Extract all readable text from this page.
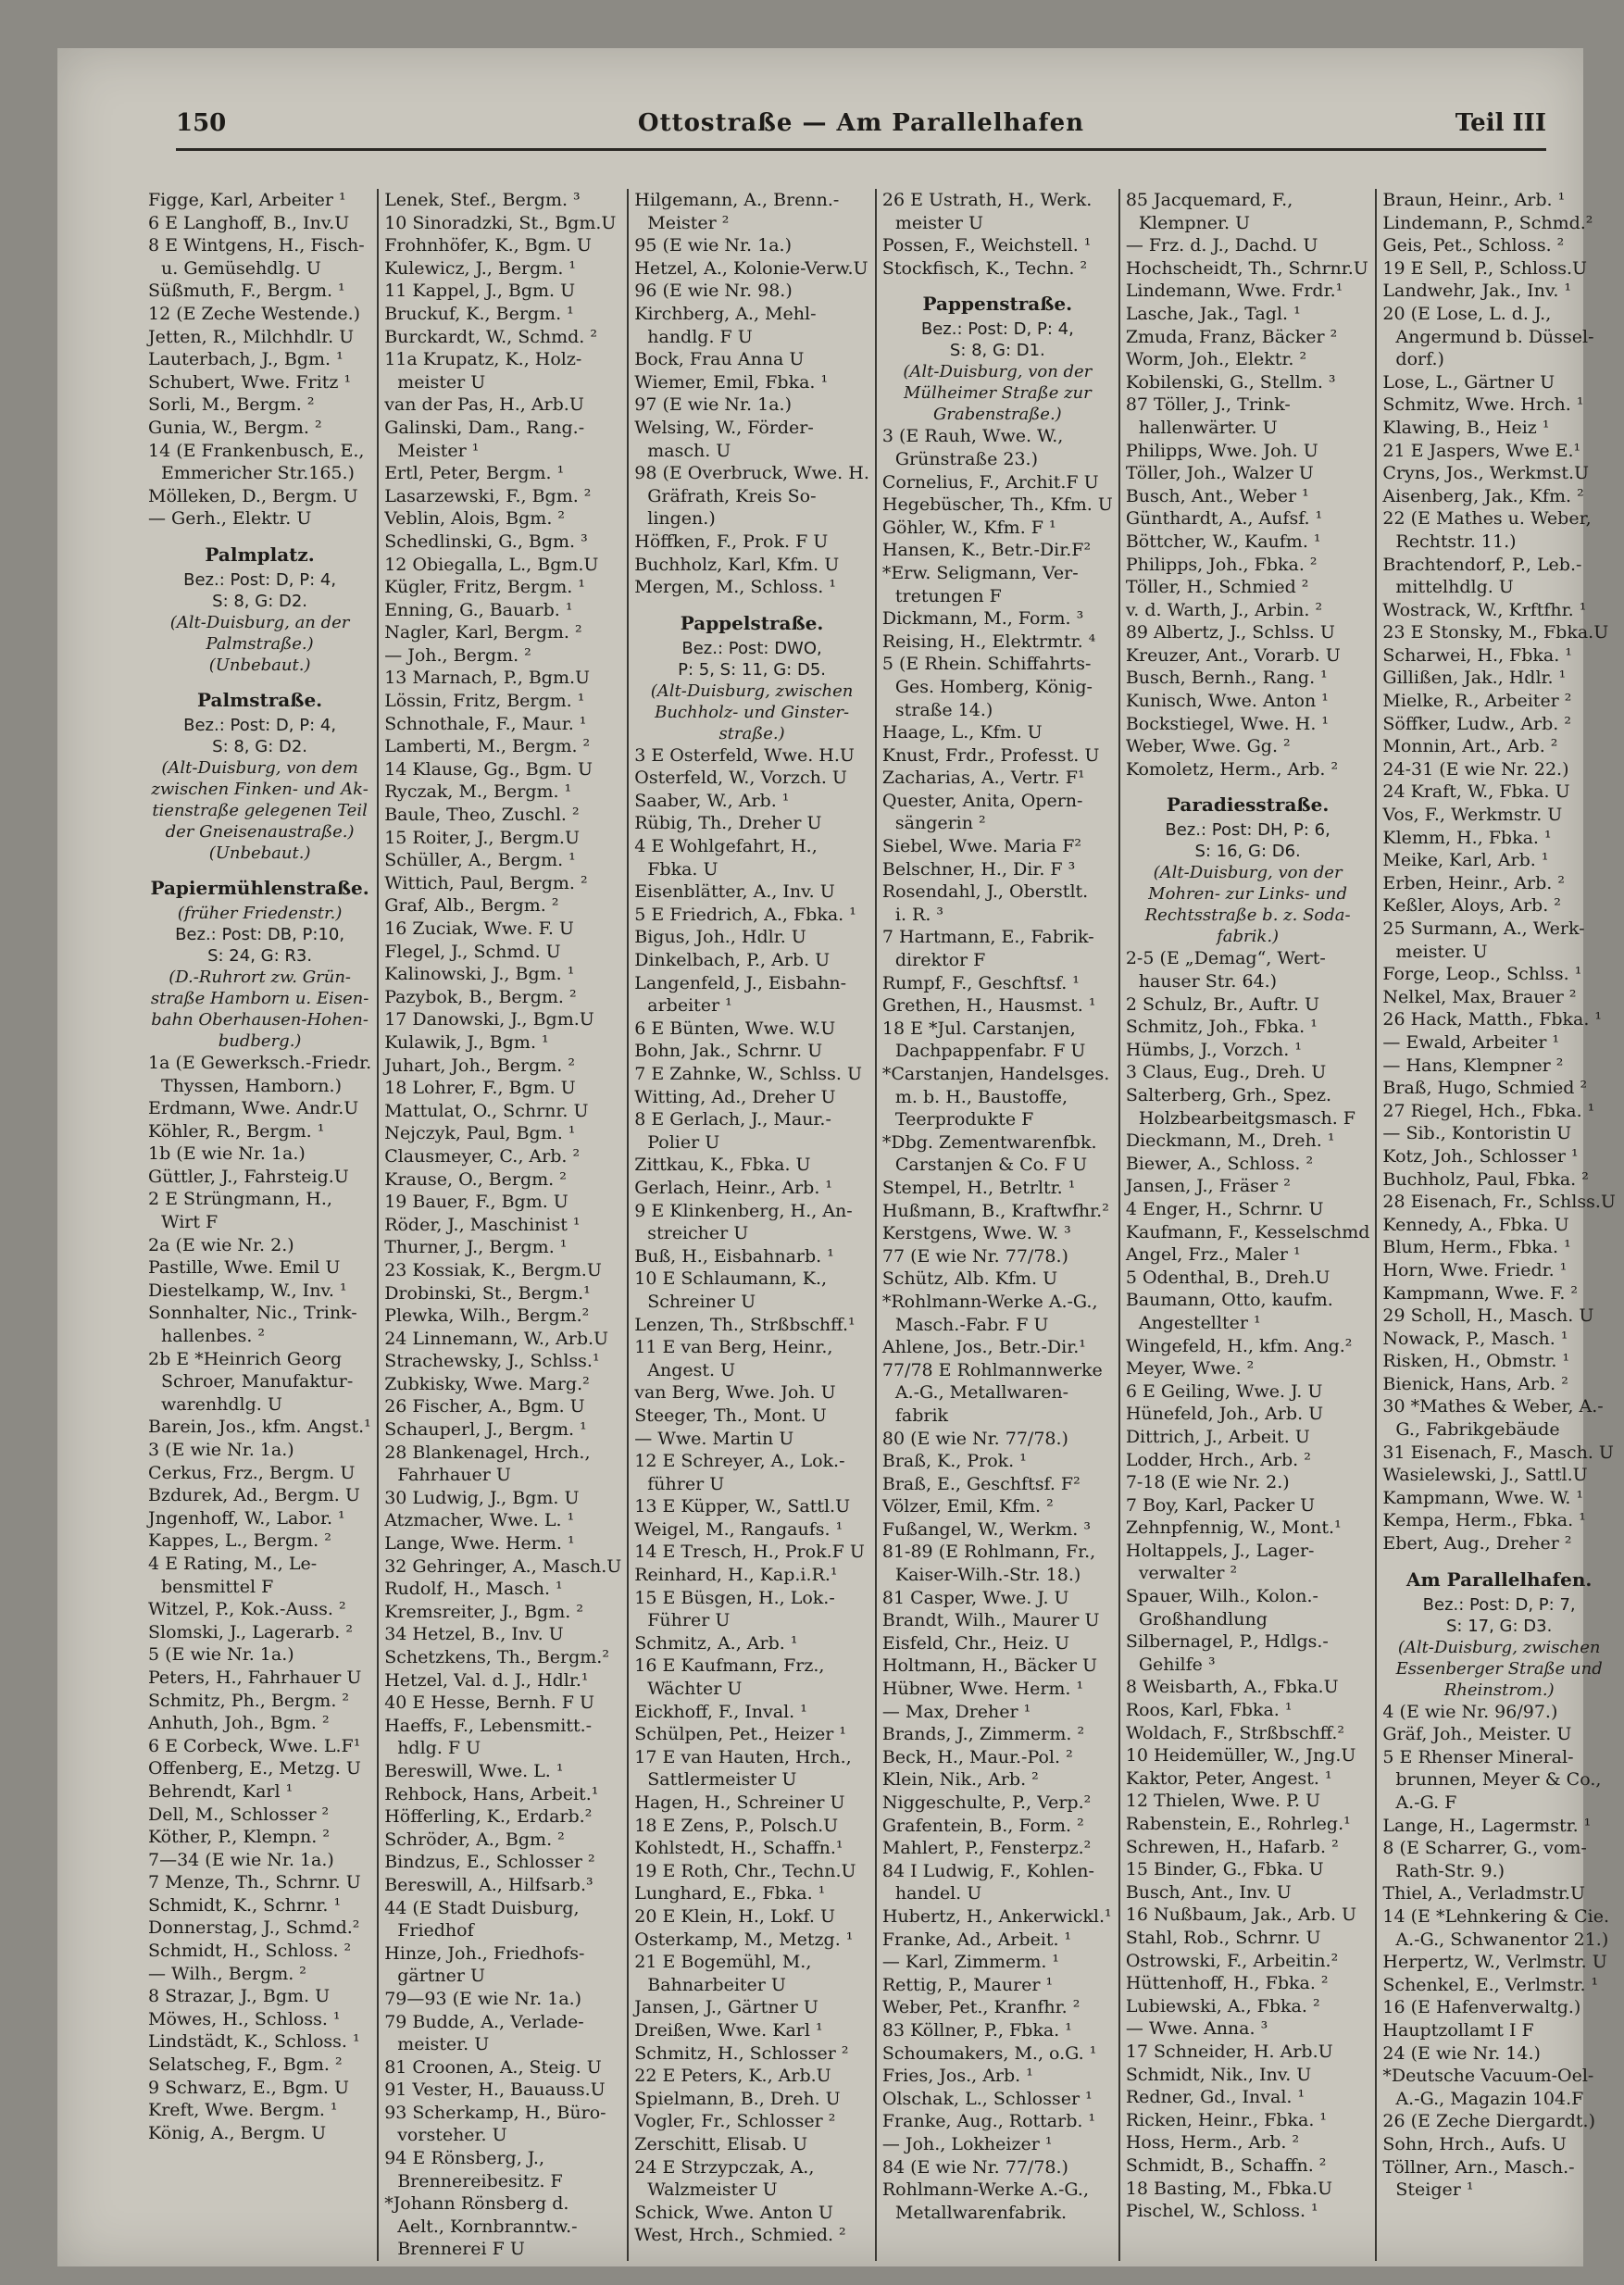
150	Ottostraße — Am Parallelhafen	Teil III
Figge, Karl, Arbeiter ¹
6 E Langhoff, B., Inv.U
8 E Wintgens, H., Fisch-
u. Gemüsehdlg. U
Süßmuth, F., Bergm. ¹
12 (E Zeche Westende.)
Jetten, R., Milchhdlr. U
Lauterbach, J., Bgm. ¹
Schubert, Wwe. Fritz ¹
Sorli, M., Bergm. ²
Gunia, W., Bergm. ²
14 (E Frankenbusch, E.,
Emmericher Str.165.)
Mölleken, D., Bergm. U
— Gerh., Elektr. U
Palmplatz.
Bez.: Post: D, P: 4,
S: 8, G: D2.
(Alt-Duisburg, an der
Palmstraße.)
(Unbebaut.)
Palmstraße.
Bez.: Post: D, P: 4,
S: 8, G: D2.
(Alt-Duisburg, von dem
zwischen Finken- und Ak-
tienstraße gelegenen Teil
der Gneisenaustraße.)
(Unbebaut.)
Papiermühlenstraße.
(früher Friedenstr.)
Bez.: Post: DB, P:10,
S: 24, G: R3.
(D.-Ruhrort zw. Grün-
straße Hamborn u. Eisen-
bahn Oberhausen-Hohen-
budberg.)
1a (E Gewerksch.-Friedr.
Thyssen, Hamborn.)
Erdmann, Wwe. Andr.U
Köhler, R., Bergm. ¹
1b (E wie Nr. 1a.)
Güttler, J., Fahrsteig.U
2 E Strüngmann, H.,
Wirt F
2a (E wie Nr. 2.)
Pastille, Wwe. Emil U
Diestelkamp, W., Inv. ¹
Sonnhalter, Nic., Trink-
hallenbes. ²
2b E *Heinrich Georg
Schroer, Manufaktur-
warenhdlg. U
Barein, Jos., kfm. Angst.¹
3 (E wie Nr. 1a.)
Cerkus, Frz., Bergm. U
Bzdurek, Ad., Bergm. U
Jngenhoff, W., Labor. ¹
Kappes, L., Bergm. ²
4 E Rating, M., Le-
bensmittel F
Witzel, P., Kok.-Auss. ²
Slomski, J., Lagerarb. ²
5 (E wie Nr. 1a.)
Peters, H., Fahrhauer U
Schmitz, Ph., Bergm. ²
Anhuth, Joh., Bgm. ²
6 E Corbeck, Wwe. L.F¹
Offenberg, E., Metzg. U
Behrendt, Karl ¹
Dell, M., Schlosser ²
Köther, P., Klempn. ²
7—34 (E wie Nr. 1a.)
7 Menze, Th., Schrnr. U
Schmidt, K., Schrnr. ¹
Donnerstag, J., Schmd.²
Schmidt, H., Schloss. ²
— Wilh., Bergm. ²
8 Strazar, J., Bgm. U
Möwes, H., Schloss. ¹
Lindstädt, K., Schloss. ¹
Selatscheg, F., Bgm. ²
9 Schwarz, E., Bgm. U
Kreft, Wwe. Bergm. ¹
König, A., Bergm. U
Lenek, Stef., Bergm. ³
10 Sinoradzki, St., Bgm.U
Frohnhöfer, K., Bgm. U
Kulewicz, J., Bergm. ¹
11 Kappel, J., Bgm. U
Bruckuf, K., Bergm. ¹
Burckardt, W., Schmd. ²
11a Krupatz, K., Holz-
meister U
van der Pas, H., Arb.U
Galinski, Dam., Rang.-
Meister ¹
Ertl, Peter, Bergm. ¹
Lasarzewski, F., Bgm. ²
Veblin, Alois, Bgm. ²
Schedlinski, G., Bgm. ³
12 Obiegalla, L., Bgm.U
Kügler, Fritz, Bergm. ¹
Enning, G., Bauarb. ¹
Nagler, Karl, Bergm. ²
— Joh., Bergm. ²
13 Marnach, P., Bgm.U
Lössin, Fritz, Bergm. ¹
Schnothale, F., Maur. ¹
Lamberti, M., Bergm. ²
14 Klause, Gg., Bgm. U
Ryczak, M., Bergm. ¹
Baule, Theo, Zuschl. ²
15 Roiter, J., Bergm.U
Schüller, A., Bergm. ¹
Wittich, Paul, Bergm. ²
Graf, Alb., Bergm. ²
16 Zuciak, Wwe. F. U
Flegel, J., Schmd. U
Kalinowski, J., Bgm. ¹
Pazybok, B., Bergm. ²
17 Danowski, J., Bgm.U
Kulawik, J., Bgm. ¹
Juhart, Joh., Bergm. ²
18 Lohrer, F., Bgm. U
Mattulat, O., Schrnr. U
Nejczyk, Paul, Bgm. ¹
Clausmeyer, C., Arb. ²
Krause, O., Bergm. ²
19 Bauer, F., Bgm. U
Röder, J., Maschinist ¹
Thurner, J., Bergm. ¹
23 Kossiak, K., Bergm.U
Drobinski, St., Bergm.¹
Plewka, Wilh., Bergm.²
24 Linnemann, W., Arb.U
Strachewsky, J., Schlss.¹
Zubkisky, Wwe. Marg.²
26 Fischer, A., Bgm. U
Schauperl, J., Bergm. ¹
28 Blankenagel, Hrch.,
Fahrhauer U
30 Ludwig, J., Bgm. U
Atzmacher, Wwe. L. ¹
Lange, Wwe. Herm. ¹
32 Gehringer, A., Masch.U
Rudolf, H., Masch. ¹
Kremsreiter, J., Bgm. ²
34 Hetzel, B., Inv. U
Schetzkens, Th., Bergm.²
Hetzel, Val. d. J., Hdlr.¹
40 E Hesse, Bernh. F U
Haeffs, F., Lebensmitt.-
hdlg. F U
Bereswill, Wwe. L. ¹
Rehbock, Hans, Arbeit.¹
Höfferling, K., Erdarb.²
Schröder, A., Bgm. ²
Bindzus, E., Schlosser ²
Bereswill, A., Hilfsarb.³
44 (E Stadt Duisburg,
Friedhof
Hinze, Joh., Friedhofs-
gärtner U
79—93 (E wie Nr. 1a.)
79 Budde, A., Verlade-
meister. U
81 Croonen, A., Steig. U
91 Vester, H., Bauauss.U
93 Scherkamp, H., Büro-
vorsteher. U
94 E Rönsberg, J.,
Brennereibesitz. F
*Johann Rönsberg d.
Aelt., Kornbranntw.-
Brennerei F U
Hilgemann, A., Brenn.-
Meister ²
95 (E wie Nr. 1a.)
Hetzel, A., Kolonie-Verw.U
96 (E wie Nr. 98.)
Kirchberg, A., Mehl-
handlg. F U
Bock, Frau Anna U
Wiemer, Emil, Fbka. ¹
97 (E wie Nr. 1a.)
Welsing, W., Förder-
masch. U
98 (E Overbruck, Wwe. H.
Gräfrath, Kreis So-
lingen.)
Höffken, F., Prok. F U
Buchholz, Karl, Kfm. U
Mergen, M., Schloss. ¹
Pappelstraße.
Bez.: Post: DWO,
P: 5, S: 11, G: D5.
(Alt-Duisburg, zwischen
Buchholz- und Ginster-
straße.)
3 E Osterfeld, Wwe. H.U
Osterfeld, W., Vorzch. U
Saaber, W., Arb. ¹
Rübig, Th., Dreher U
4 E Wohlgefahrt, H.,
Fbka. U
Eisenblätter, A., Inv. U
5 E Friedrich, A., Fbka. ¹
Bigus, Joh., Hdlr. U
Dinkelbach, P., Arb. U
Langenfeld, J., Eisbahn-
arbeiter ¹
6 E Bünten, Wwe. W.U
Bohn, Jak., Schrnr. U
7 E Zahnke, W., Schlss. U
Witting, Ad., Dreher U
8 E Gerlach, J., Maur.-
Polier U
Zittkau, K., Fbka. U
Gerlach, Heinr., Arb. ¹
9 E Klinkenberg, H., An-
streicher U
Buß, H., Eisbahnarb. ¹
10 E Schlaumann, K.,
Schreiner U
Lenzen, Th., Strßbschff.¹
11 E van Berg, Heinr.,
Angest. U
van Berg, Wwe. Joh. U
Steeger, Th., Mont. U
— Wwe. Martin U
12 E Schreyer, A., Lok.-
führer U
13 E Küpper, W., Sattl.U
Weigel, M., Rangaufs. ¹
14 E Tresch, H., Prok.F U
Reinhard, H., Kap.i.R.¹
15 E Büsgen, H., Lok.-
Führer U
Schmitz, A., Arb. ¹
16 E Kaufmann, Frz.,
Wächter U
Eickhoff, F., Inval. ¹
Schülpen, Pet., Heizer ¹
17 E van Hauten, Hrch.,
Sattlermeister U
Hagen, H., Schreiner U
18 E Zens, P., Polsch.U
Kohlstedt, H., Schaffn.¹
19 E Roth, Chr., Techn.U
Lunghard, E., Fbka. ¹
20 E Klein, H., Lokf. U
Osterkamp, M., Metzg. ¹
21 E Bogemühl, M.,
Bahnarbeiter U
Jansen, J., Gärtner U
Dreißen, Wwe. Karl ¹
Schmitz, H., Schlosser ²
22 E Peters, K., Arb.U
Spielmann, B., Dreh. U
Vogler, Fr., Schlosser ²
Zerschitt, Elisab. U
24 E Strzypczak, A.,
Walzmeister U
Schick, Wwe. Anton U
West, Hrch., Schmied. ²
26 E Ustrath, H., Werk.
meister U
Possen, F., Weichstell. ¹
Stockfisch, K., Techn. ²
Pappenstraße.
Bez.: Post: D, P: 4,
S: 8, G: D1.
(Alt-Duisburg, von der
Mülheimer Straße zur
Grabenstraße.)
3 (E Rauh, Wwe. W.,
Grünstraße 23.)
Cornelius, F., Archit.F U
Hegebüscher, Th., Kfm. U
Göhler, W., Kfm. F ¹
Hansen, K., Betr.-Dir.F²
*Erw. Seligmann, Ver-
tretungen F
Dickmann, M., Form. ³
Reising, H., Elektrmtr. ⁴
5 (E Rhein. Schiffahrts-
Ges. Homberg, König-
straße 14.)
Haage, L., Kfm. U
Knust, Frdr., Professt. U
Zacharias, A., Vertr. F¹
Quester, Anita, Opern-
sängerin ²
Siebel, Wwe. Maria F²
Belschner, H., Dir. F ³
Rosendahl, J., Oberstlt.
i. R. ³
7 Hartmann, E., Fabrik-
direktor F
Rumpf, F., Geschftsf. ¹
Grethen, H., Hausmst. ¹
18 E *Jul. Carstanjen,
Dachpappenfabr. F U
*Carstanjen, Handelsges.
m. b. H., Baustoffe,
Teerprodukte F
*Dbg. Zementwarenfbk.
Carstanjen & Co. F U
Stempel, H., Betrltr. ¹
Hußmann, B., Kraftwfhr.²
Kerstgens, Wwe. W. ³
77 (E wie Nr. 77/78.)
Schütz, Alb. Kfm. U
*Rohlmann-Werke A.-G.,
Masch.-Fabr. F U
Ahlene, Jos., Betr.-Dir.¹
77/78 E Rohlmannwerke
A.-G., Metallwaren-
fabrik
80 (E wie Nr. 77/78.)
Braß, K., Prok. ¹
Braß, E., Geschftsf. F²
Völzer, Emil, Kfm. ²
Fußangel, W., Werkm. ³
81-89 (E Rohlmann, Fr.,
Kaiser-Wilh.-Str. 18.)
81 Casper, Wwe. J. U
Brandt, Wilh., Maurer U
Eisfeld, Chr., Heiz. U
Holtmann, H., Bäcker U
Hübner, Wwe. Herm. ¹
— Max, Dreher ¹
Brands, J., Zimmerm. ²
Beck, H., Maur.-Pol. ²
Klein, Nik., Arb. ²
Niggeschulte, P., Verp.²
Grafentein, B., Form. ²
Mahlert, P., Fensterpz.²
84 I Ludwig, F., Kohlen-
handel. U
Hubertz, H., Ankerwickl.¹
Franke, Ad., Arbeit. ¹
— Karl, Zimmerm. ¹
Rettig, P., Maurer ¹
Weber, Pet., Kranfhr. ²
83 Köllner, P., Fbka. ¹
Schoumakers, M., o.G. ¹
Fries, Jos., Arb. ¹
Olschak, L., Schlosser ¹
Franke, Aug., Rottarb. ¹
— Joh., Lokheizer ¹
84 (E wie Nr. 77/78.)
Rohlmann-Werke A.-G.,
Metallwarenfabrik.
85 Jacquemard, F.,
Klempner. U
— Frz. d. J., Dachd. U
Hochscheidt, Th., Schrnr.U
Lindemann, Wwe. Frdr.¹
Lasche, Jak., Tagl. ¹
Zmuda, Franz, Bäcker ²
Worm, Joh., Elektr. ²
Kobilenski, G., Stellm. ³
87 Töller, J., Trink-
hallenwärter. U
Philipps, Wwe. Joh. U
Töller, Joh., Walzer U
Busch, Ant., Weber ¹
Günthardt, A., Aufsf. ¹
Böttcher, W., Kaufm. ¹
Philipps, Joh., Fbka. ²
Töller, H., Schmied ²
v. d. Warth, J., Arbin. ²
89 Albertz, J., Schlss. U
Kreuzer, Ant., Vorarb. U
Busch, Bernh., Rang. ¹
Kunisch, Wwe. Anton ¹
Bockstiegel, Wwe. H. ¹
Weber, Wwe. Gg. ²
Komoletz, Herm., Arb. ²
Paradiesstraße.
Bez.: Post: DH, P: 6,
S: 16, G: D6.
(Alt-Duisburg, von der
Mohren- zur Links- und
Rechtsstraße b. z. Soda-
fabrik.)
2-5 (E „Demag“, Wert-
hauser Str. 64.)
2 Schulz, Br., Auftr. U
Schmitz, Joh., Fbka. ¹
Hümbs, J., Vorzch. ¹
3 Claus, Eug., Dreh. U
Salterberg, Grh., Spez.
Holzbearbeitgsmasch. F
Dieckmann, M., Dreh. ¹
Biewer, A., Schloss. ²
Jansen, J., Fräser ²
4 Enger, H., Schrnr. U
Kaufmann, F., Kesselschmd
Angel, Frz., Maler ¹
5 Odenthal, B., Dreh.U
Baumann, Otto, kaufm.
Angestellter ¹
Wingefeld, H., kfm. Ang.²
Meyer, Wwe. ²
6 E Geiling, Wwe. J. U
Hünefeld, Joh., Arb. U
Dittrich, J., Arbeit. U
Lodder, Hrch., Arb. ²
7-18 (E wie Nr. 2.)
7 Boy, Karl, Packer U
Zehnpfennig, W., Mont.¹
Holtappels, J., Lager-
verwalter ²
Spauer, Wilh., Kolon.-
Großhandlung
Silbernagel, P., Hdlgs.-
Gehilfe ³
8 Weisbarth, A., Fbka.U
Roos, Karl, Fbka. ¹
Woldach, F., Strßbschff.²
10 Heidemüller, W., Jng.U
Kaktor, Peter, Angest. ¹
12 Thielen, Wwe. P. U
Rabenstein, E., Rohrleg.¹
Schrewen, H., Hafarb. ²
15 Binder, G., Fbka. U
Busch, Ant., Inv. U
16 Nußbaum, Jak., Arb. U
Stahl, Rob., Schrnr. U
Ostrowski, F., Arbeitin.²
Hüttenhoff, H., Fbka. ²
Lubiewski, A., Fbka. ²
— Wwe. Anna. ³
17 Schneider, H. Arb.U
Schmidt, Nik., Inv. U
Redner, Gd., Inval. ¹
Ricken, Heinr., Fbka. ¹
Hoss, Herm., Arb. ²
Schmidt, B., Schaffn. ²
18 Basting, M., Fbka.U
Pischel, W., Schloss. ¹
Braun, Heinr., Arb. ¹
Lindemann, P., Schmd.²
Geis, Pet., Schloss. ²
19 E Sell, P., Schloss.U
Landwehr, Jak., Inv. ¹
20 (E Lose, L. d. J.,
Angermund b. Düssel-
dorf.)
Lose, L., Gärtner U
Schmitz, Wwe. Hrch. ¹
Klawing, B., Heiz ¹
21 E Jaspers, Wwe E.¹
Cryns, Jos., Werkmst.U
Aisenberg, Jak., Kfm. ²
22 (E Mathes u. Weber,
Rechtstr. 11.)
Brachtendorf, P., Leb.-
mittelhdlg. U
Wostrack, W., Krftfhr. ¹
23 E Stonsky, M., Fbka.U
Scharwei, H., Fbka. ¹
Gillißen, Jak., Hdlr. ¹
Mielke, R., Arbeiter ²
Söffker, Ludw., Arb. ²
Monnin, Art., Arb. ²
24-31 (E wie Nr. 22.)
24 Kraft, W., Fbka. U
Vos, F., Werkmstr. U
Klemm, H., Fbka. ¹
Meike, Karl, Arb. ¹
Erben, Heinr., Arb. ²
Keßler, Aloys, Arb. ²
25 Surmann, A., Werk-
meister. U
Forge, Leop., Schlss. ¹
Nelkel, Max, Brauer ²
26 Hack, Matth., Fbka. ¹
— Ewald, Arbeiter ¹
— Hans, Klempner ²
Braß, Hugo, Schmied ²
27 Riegel, Hch., Fbka. ¹
— Sib., Kontoristin U
Kotz, Joh., Schlosser ¹
Buchholz, Paul, Fbka. ²
28 Eisenach, Fr., Schlss.U
Kennedy, A., Fbka. U
Blum, Herm., Fbka. ¹
Horn, Wwe. Friedr. ¹
Kampmann, Wwe. F. ²
29 Scholl, H., Masch. U
Nowack, P., Masch. ¹
Risken, H., Obmstr. ¹
Bienick, Hans, Arb. ²
30 *Mathes & Weber, A.-
G., Fabrikgebäude
31 Eisenach, F., Masch. U
Wasielewski, J., Sattl.U
Kampmann, Wwe. W. ¹
Kempa, Herm., Fbka. ¹
Ebert, Aug., Dreher ²
Am Parallelhafen.
Bez.: Post: D, P: 7,
S: 17, G: D3.
(Alt-Duisburg, zwischen
Essenberger Straße und
Rheinstrom.)
4 (E wie Nr. 96/97.)
Gräf, Joh., Meister. U
5 E Rhenser Mineral-
brunnen, Meyer & Co.,
A.-G. F
Lange, H., Lagermstr. ¹
8 (E Scharrer, G., vom-
Rath-Str. 9.)
Thiel, A., Verladmstr.U
14 (E *Lehnkering & Cie.
A.-G., Schwanentor 21.)
Herpertz, W., Verlmstr. U
Schenkel, E., Verlmstr. ¹
16 (E Hafenverwaltg.)
Hauptzollamt I F
24 (E wie Nr. 14.)
*Deutsche Vacuum-Oel-
A.-G., Magazin 104.F
26 (E Zeche Diergardt.)
Sohn, Hrch., Aufs. U
Töllner, Arn., Masch.-
Steiger ¹
